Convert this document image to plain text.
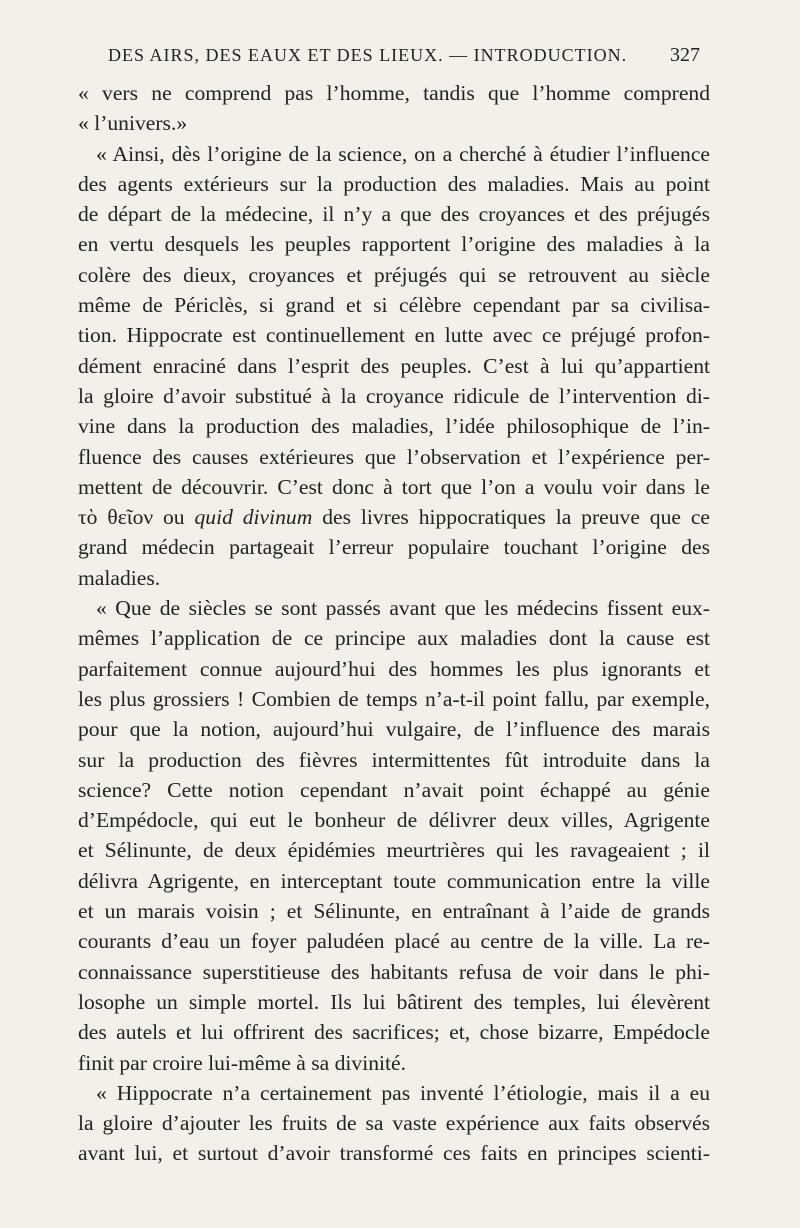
DES AIRS, DES EAUX ET DES LIEUX. — INTRODUCTION. 327
« vers ne comprend pas l’homme, tandis que l’homme comprend
« l’univers.»
« Ainsi, dès l’origine de la science, on a cherché à étudier l’influence
des agents extérieurs sur la production des maladies. Mais au point
de départ de la médecine, il n’y a que des croyances et des préjugés
en vertu desquels les peuples rapportent l’origine des maladies à la
colère des dieux, croyances et préjugés qui se retrouvent au siècle
même de Périclès, si grand et si célèbre cependant par sa civilisa-
tion. Hippocrate est continuellement en lutte avec ce préjugé profon-
dément enraciné dans l’esprit des peuples. C’est à lui qu’appartient
la gloire d’avoir substitué à la croyance ridicule de l’intervention di-
vine dans la production des maladies, l’idée philosophique de l’in-
fluence des causes extérieures que l’observation et l’expérience per-
mettent de découvrir. C’est donc à tort que l’on a voulu voir dans le
τὸ θεῖον ou quid divinum des livres hippocratiques la preuve que ce
grand médecin partageait l’erreur populaire touchant l’origine des
maladies.
« Que de siècles se sont passés avant que les médecins fissent eux-
mêmes l’application de ce principe aux maladies dont la cause est
parfaitement connue aujourd’hui des hommes les plus ignorants et
les plus grossiers ! Combien de temps n’a-t-il point fallu, par exemple,
pour que la notion, aujourd’hui vulgaire, de l’influence des marais
sur la production des fièvres intermittentes fût introduite dans la
science? Cette notion cependant n’avait point échappé au génie
d’Empédocle, qui eut le bonheur de délivrer deux villes, Agrigente
et Sélinunte, de deux épidémies meurtrières qui les ravageaient ; il
délivra Agrigente, en interceptant toute communication entre la ville
et un marais voisin ; et Sélinunte, en entraînant à l’aide de grands
courants d’eau un foyer paludéen placé au centre de la ville. La re-
connaissance superstitieuse des habitants refusa de voir dans le phi-
losophe un simple mortel. Ils lui bâtirent des temples, lui élevèrent
des autels et lui offrirent des sacrifices; et, chose bizarre, Empédocle
finit par croire lui-même à sa divinité.
« Hippocrate n’a certainement pas inventé l’étiologie, mais il a eu
la gloire d’ajouter les fruits de sa vaste expérience aux faits observés
avant lui, et surtout d’avoir transformé ces faits en principes scienti-
